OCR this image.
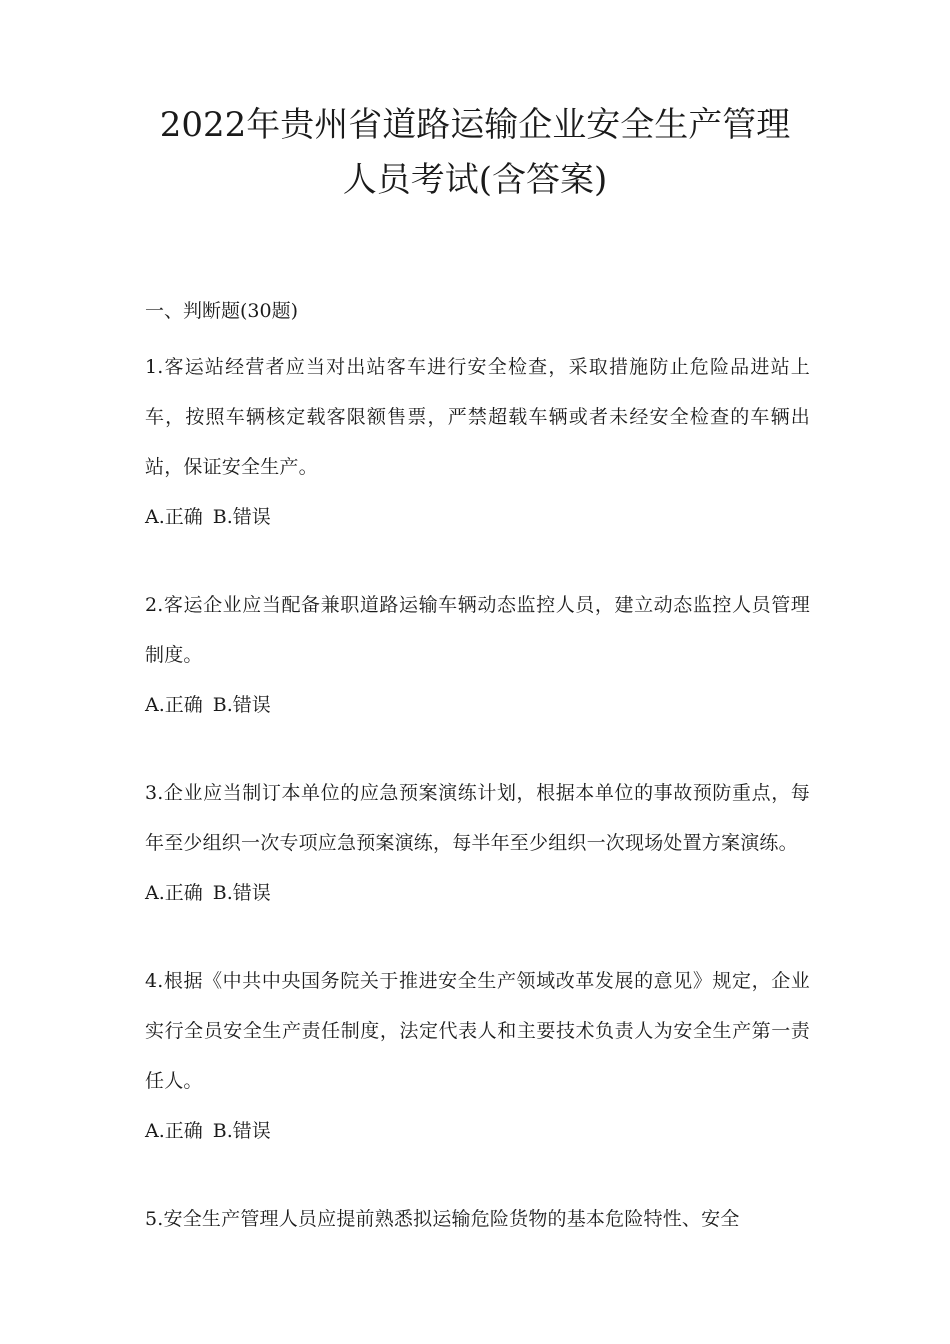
2022年贵州省道路运输企业安全生产管理
人员考试(含答案)
一、判断题(30题)

1.客运站经营者应当对出站客车进行安全检查，采取措施防止危险品进站上车，按照车辆核定载客限额售票，严禁超载车辆或者未经安全检查的车辆出站，保证安全生产。

A.正确 B.错误

2.客运企业应当配备兼职道路运输车辆动态监控人员，建立动态监控人员管理制度。

A.正确 B.错误

3.企业应当制订本单位的应急预案演练计划，根据本单位的事故预防重点，每年至少组织一次专项应急预案演练，每半年至少组织一次现场处置方案演练。

A.正确 B.错误

4.根据《中共中央国务院关于推进安全生产领域改革发展的意见》规定，企业实行全员安全生产责任制度，法定代表人和主要技术负责人为安全生产第一责任人。

A.正确 B.错误

5.安全生产管理人员应提前熟悉拟运输危险货物的基本危险特性、安全
